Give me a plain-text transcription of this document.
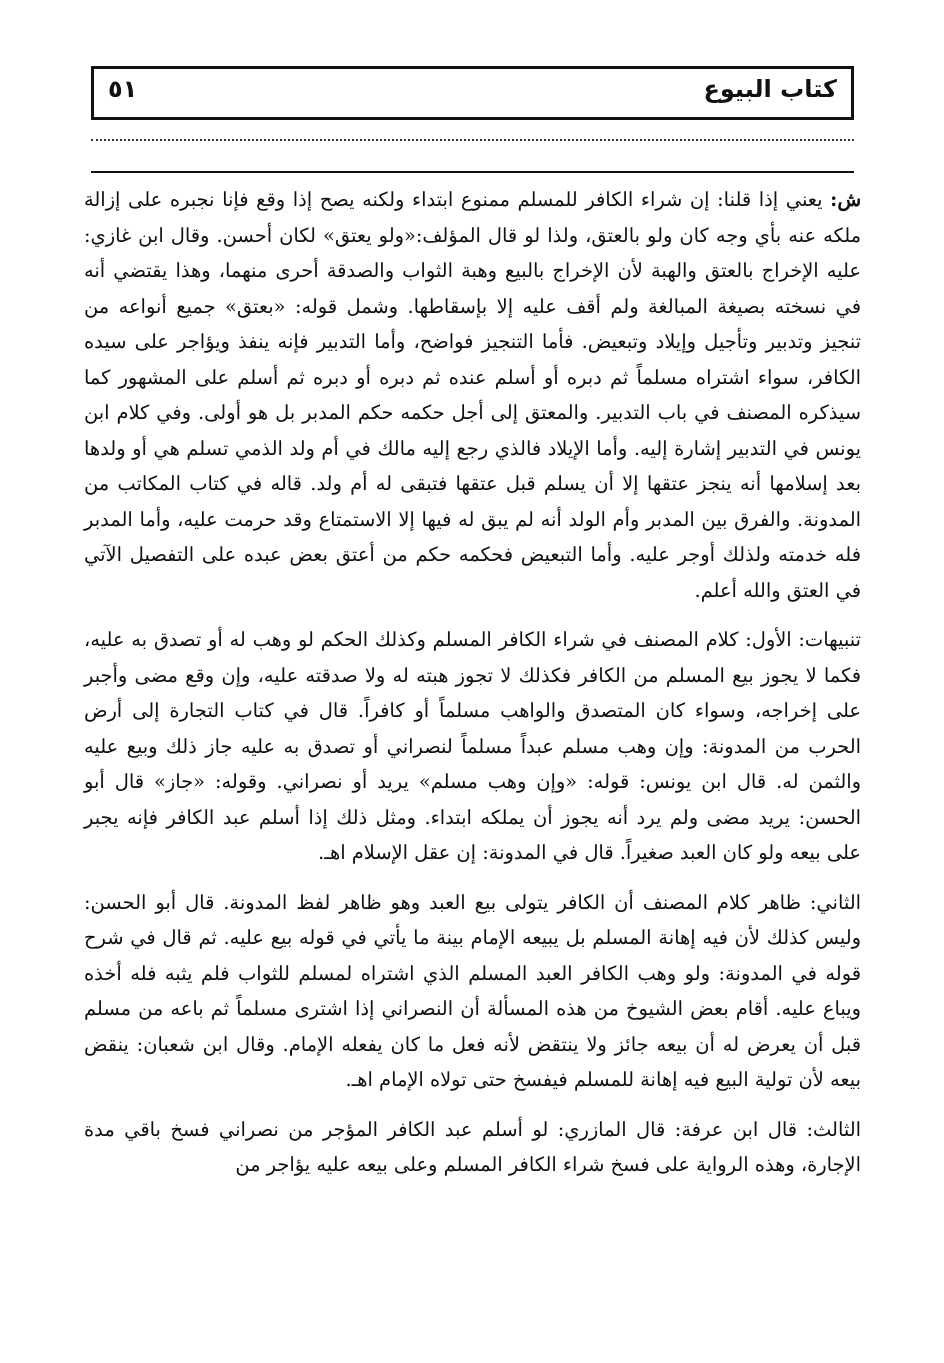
كتاب البيوع
٥١

ش: يعني إذا قلنا: إن شراء الكافر للمسلم ممنوع ابتداء ولكنه يصح إذا وقع فإنا نجبره على إزالة ملكه عنه بأي وجه كان ولو بالعتق، ولذا لو قال المؤلف:«ولو يعتق» لكان أحسن. وقال ابن غازي: عليه الإخراج بالعتق والهبة لأن الإخراج بالبيع وهبة الثواب والصدقة أحرى منهما، وهذا يقتضي أنه في نسخته بصيغة المبالغة ولم أقف عليه إلا بإسقاطها. وشمل قوله: «بعتق» جميع أنواعه من تنجيز وتدبير وتأجيل وإيلاد وتبعيض. فأما التنجيز فواضح، وأما التدبير فإنه ينفذ ويؤاجر على سيده الكافر، سواء اشتراه مسلماً ثم دبره أو أسلم عنده ثم دبره أو دبره ثم أسلم على المشهور كما سيذكره المصنف في باب التدبير. والمعتق إلى أجل حكمه حكم المدبر بل هو أولى. وفي كلام ابن يونس في التدبير إشارة إليه. وأما الإيلاد فالذي رجع إليه مالك في أم ولد الذمي تسلم هي أو ولدها بعد إسلامها أنه ينجز عتقها إلا أن يسلم قبل عتقها فتبقى له أم ولد. قاله في كتاب المكاتب من المدونة. والفرق بين المدبر وأم الولد أنه لم يبق له فيها إلا الاستمتاع وقد حرمت عليه، وأما المدبر فله خدمته ولذلك أوجر عليه. وأما التبعيض فحكمه حكم من أعتق بعض عبده على التفصيل الآتي في العتق والله أعلم.

تنبيهات: الأول: كلام المصنف في شراء الكافر المسلم وكذلك الحكم لو وهب له أو تصدق به عليه، فكما لا يجوز بيع المسلم من الكافر فكذلك لا تجوز هبته له ولا صدقته عليه، وإن وقع مضى وأجبر على إخراجه، وسواء كان المتصدق والواهب مسلماً أو كافراً. قال في كتاب التجارة إلى أرض الحرب من المدونة: وإن وهب مسلم عبداً مسلماً لنصراني أو تصدق به عليه جاز ذلك وبيع عليه والثمن له. قال ابن يونس: قوله: «وإن وهب مسلم» يريد أو نصراني. وقوله: «جاز» قال أبو الحسن: يريد مضى ولم يرد أنه يجوز أن يملكه ابتداء. ومثل ذلك إذا أسلم عبد الكافر فإنه يجبر على بيعه ولو كان العبد صغيراً. قال في المدونة: إن عقل الإسلام اهـ.

الثاني: ظاهر كلام المصنف أن الكافر يتولى بيع العبد وهو ظاهر لفظ المدونة. قال أبو الحسن: وليس كذلك لأن فيه إهانة المسلم بل يبيعه الإمام بينة ما يأتي في قوله بيع عليه. ثم قال في شرح قوله في المدونة: ولو وهب الكافر العبد المسلم الذي اشتراه لمسلم للثواب فلم يثبه فله أخذه ويباع عليه. أقام بعض الشيوخ من هذه المسألة أن النصراني إذا اشترى مسلماً ثم باعه من مسلم قبل أن يعرض له أن بيعه جائز ولا ينتقض لأنه فعل ما كان يفعله الإمام. وقال ابن شعبان: ينقض بيعه لأن تولية البيع فيه إهانة للمسلم فيفسخ حتى تولاه الإمام اهـ.

الثالث: قال ابن عرفة: قال المازري: لو أسلم عبد الكافر المؤجر من نصراني فسخ باقي مدة الإجارة، وهذه الرواية على فسخ شراء الكافر المسلم وعلى بيعه عليه يؤاجر من
